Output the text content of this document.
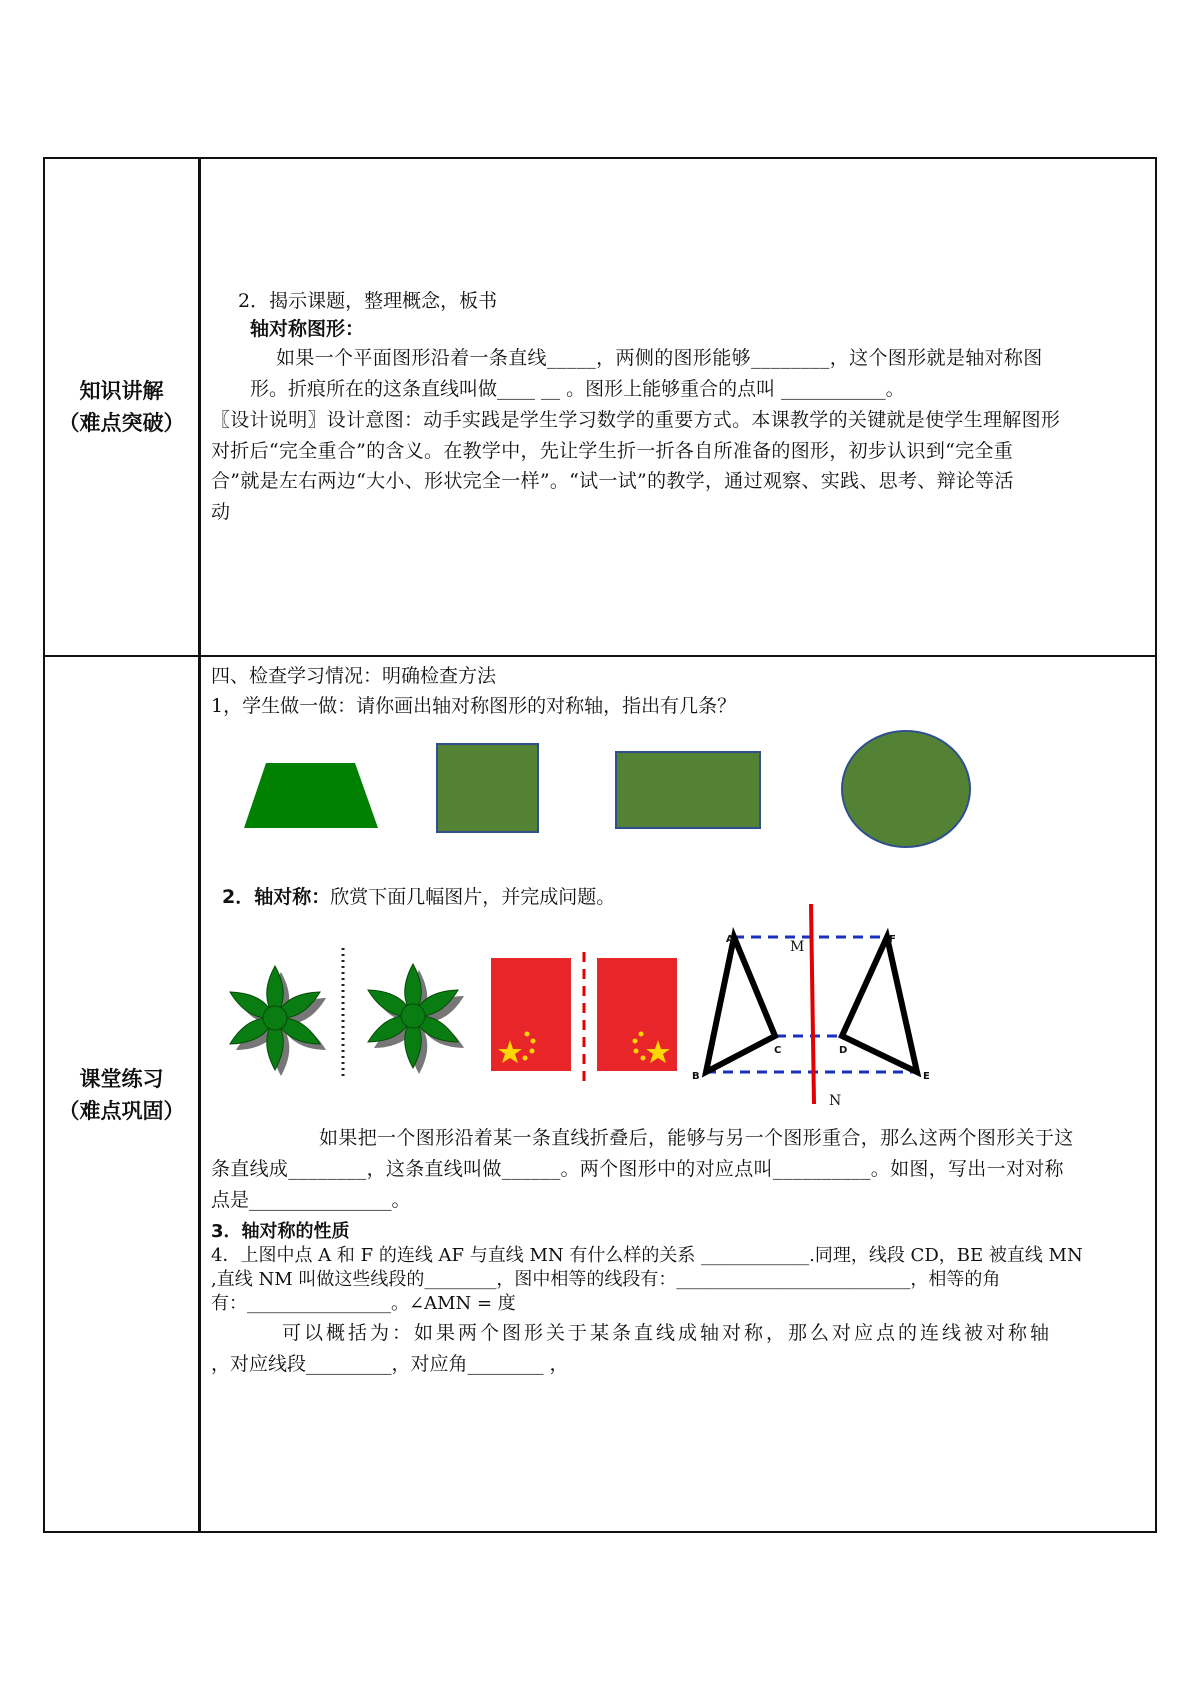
知识讲解
（难点突破）
2．揭示课题，整理概念，板书
轴对称图形：
如果一个平面图形沿着一条直线_____，两侧的图形能够________，这个图形就是轴对称图
形。折痕所在的这条直线叫做____ __ 。图形上能够重合的点叫 ___________。
〖设计说明〗设计意图：动手实践是学生学习数学的重要方式。本课教学的关键就是使学生理解图形
对折后“完全重合”的含义。在教学中，先让学生折一折各自所准备的图形，初步认识到“完全重
合”就是左右两边“大小、形状完全一样”。“试一试”的教学，通过观察、实践、思考、辩论等活
动
课堂练习
（难点巩固）
四、检查学习情况：明确检查方法
1，学生做一做：请你画出轴对称图形的对称轴，指出有几条？
2．轴对称：欣赏下面几幅图片，并完成问题。
A	M	F
C	D
B	E
N
如果把一个图形沿着某一条直线折叠后，能够与另一个图形重合，那么这两个图形关于这
条直线成________，这条直线叫做______。两个图形中的对应点叫__________。如图，写出一对对称
点是_______________。
3．轴对称的性质
4．上图中点 A 和 F 的连线 AF 与直线 MN 有什么样的关系 ____________.同理，线段 CD，BE 被直线 MN
,直线 NM 叫做这些线段的________，图中相等的线段有：__________________________，相等的角
有：________________。∠AMN = 度
可以概括为：如果两个图形关于某条直线成轴对称，那么对应点的连线被对称轴
，对应线段_________，对应角________ ，
